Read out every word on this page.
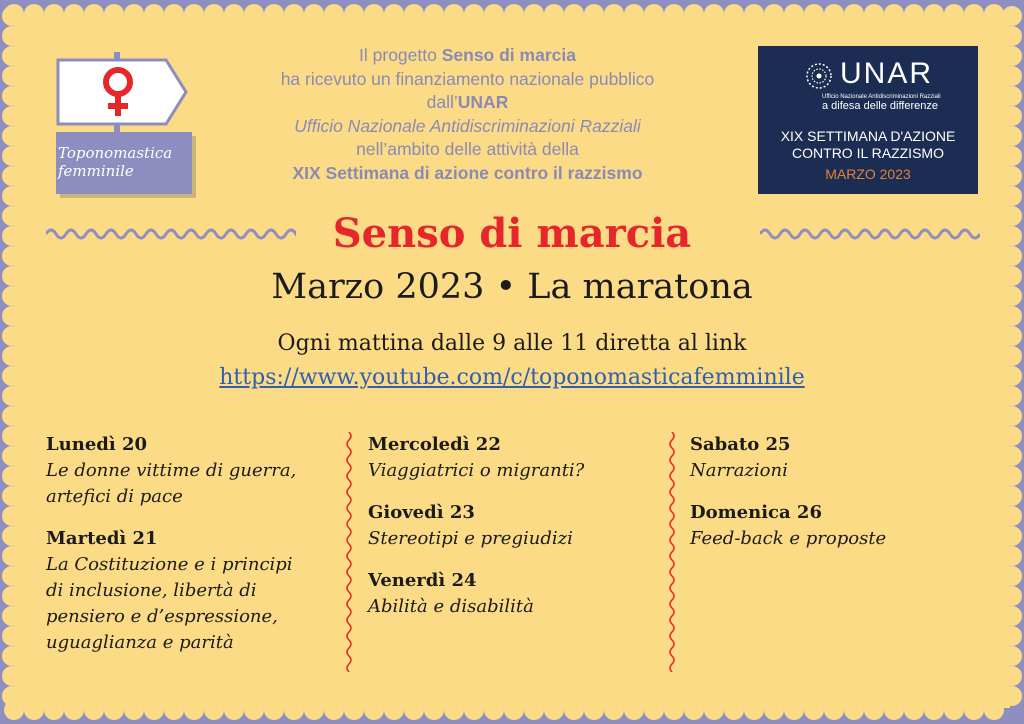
Toponomastica
femminile
Il progetto Senso di marcia
ha ricevuto un finanziamento nazionale pubblico
dall’UNAR
Ufficio Nazionale Antidiscriminazioni Razziali
nell’ambito delle attività della
XIX Settimana di azione contro il razzismo
UNAR
Ufficio Nazionale Antidiscriminazioni Razziali
a difesa delle differenze
XIX SETTIMANA D'AZIONE
CONTRO IL RAZZISMO
MARZO 2023
Senso di marcia
Marzo 2023 • La maratona
Ogni mattina dalle 9 alle 11 diretta al link
https://www.youtube.com/c/toponomasticafemminile
Lunedì 20
Le donne vittime di guerra,
artefici di pace
Martedì 21
La Costituzione e i principi
di inclusione, libertà di
pensiero e d’espressione,
uguaglianza e parità
Mercoledì 22
Viaggiatrici o migranti?
Giovedì 23
Stereotipi e pregiudizi
Venerdì 24
Abilità e disabilità
Sabato 25
Narrazioni
Domenica 26
Feed-back e proposte
